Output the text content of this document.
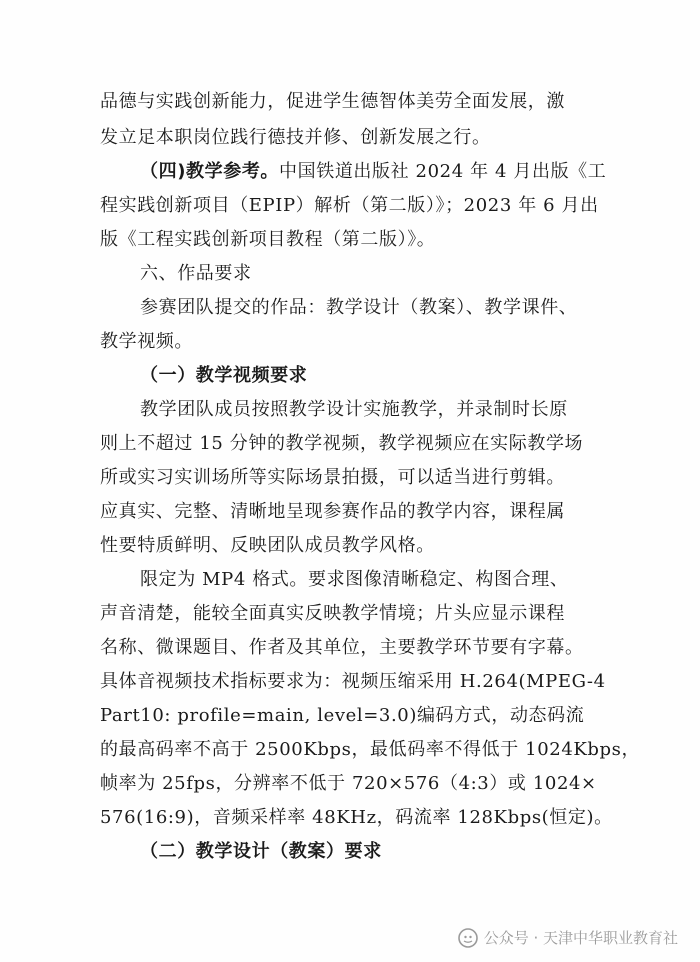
品德与实践创新能力，促进学生德智体美劳全面发展，激
发立足本职岗位践行德技并修、创新发展之行。
（四)教学参考。中国铁道出版社 2024 年 4 月出版《工
程实践创新项目（EPIP）解析（第二版）》；2023 年 6 月出
版《工程实践创新项目教程（第二版）》。
六、作品要求
参赛团队提交的作品：教学设计（教案）、教学课件、
教学视频。
（一）教学视频要求
教学团队成员按照教学设计实施教学，并录制时长原
则上不超过 15 分钟的教学视频，教学视频应在实际教学场
所或实习实训场所等实际场景拍摄，可以适当进行剪辑。
应真实、完整、清晰地呈现参赛作品的教学内容，课程属
性要特质鲜明、反映团队成员教学风格。
限定为 MP4 格式。要求图像清晰稳定、构图合理、
声音清楚，能较全面真实反映教学情境；片头应显示课程
名称、微课题目、作者及其单位，主要教学环节要有字幕。
具体音视频技术指标要求为：视频压缩采用 H.264(MPEG-4
Part10: profile=main, level=3.0)编码方式，动态码流
的最高码率不高于 2500Kbps，最低码率不得低于 1024Kbps，
帧率为 25fps，分辨率不低于 720×576（4:3）或 1024×
576(16:9)，音频采样率 48KHz，码流率 128Kbps(恒定)。
（二）教学设计（教案）要求
公众号 · 天津中华职业教育社
